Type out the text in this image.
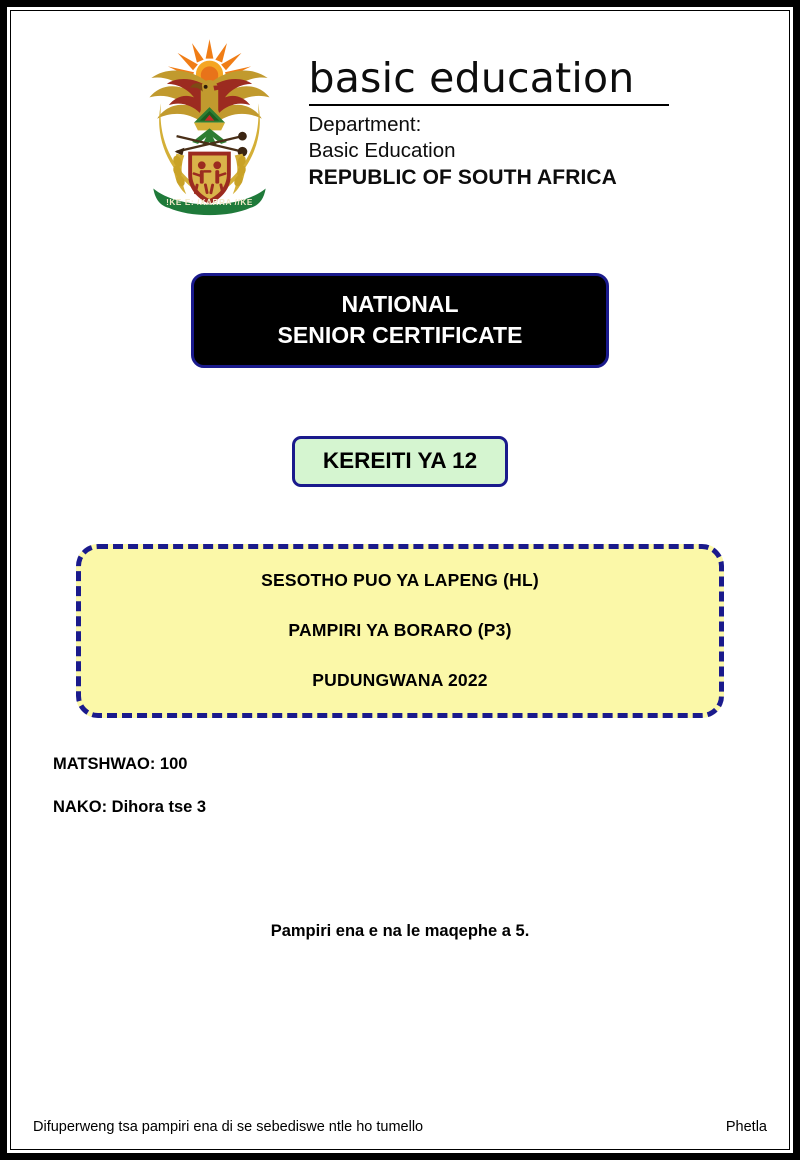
!KE E: /XARRA //KE
basic education
Department:
Basic Education
REPUBLIC OF SOUTH AFRICA
NATIONAL
SENIOR CERTIFICATE
KEREITI YA 12
SESOTHO PUO YA LAPENG (HL)
PAMPIRI YA BORARO (P3)
PUDUNGWANA 2022
MATSHWAO: 100
NAKO: Dihora tse 3
Pampiri ena e na le maqephe a 5.
Difuperweng tsa pampiri ena di se sebediswe ntle ho tumello	Phetla
